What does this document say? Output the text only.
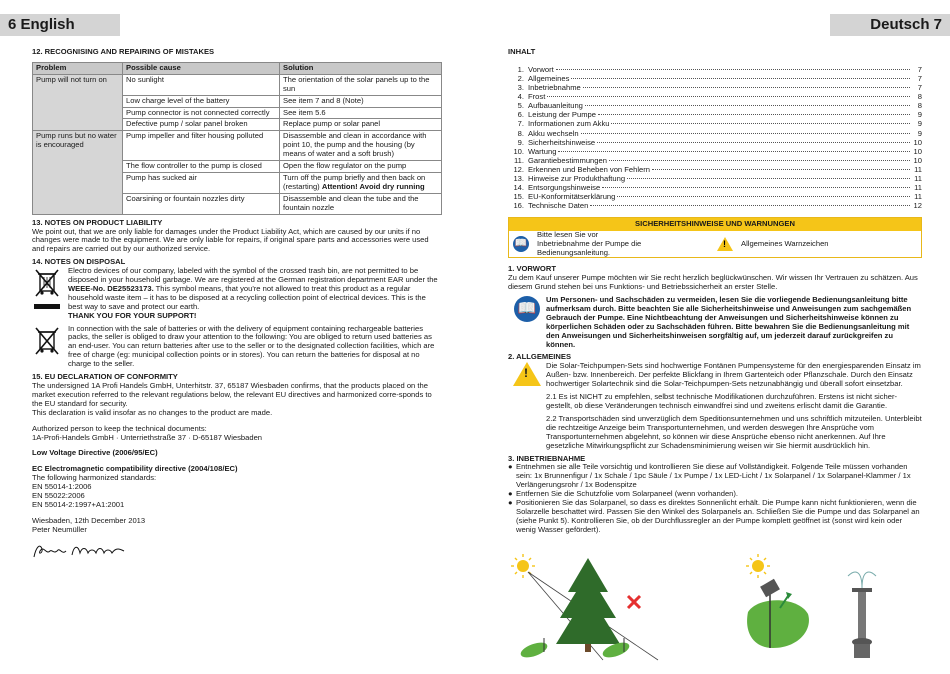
6 English
12. RECOGNISING AND REPAIRING OF MISTAKES
Problem	Possible cause	Solution
Pump will not turn on	No sunlight	The orientation of the solar panels up to the sun
	Low charge level of the battery	See item 7 and 8 (Note)
	Pump connector is not connected correctly	See item 5.6
	Defective pump / solar panel broken	Replace pump or solar panel
Pump runs but no water is encouraged	Pump impeller and filter housing polluted	Disassemble and clean in accordance with point 10, the pump and the housing (by means of water and a soft brush)
	The flow controller to the pump is closed	Open the flow regulator on the pump
	Pump has sucked air	Turn off the pump briefly and then back on (restarting) Attention! Avoid dry running
	Coarsining or fountain nozzles dirty	Disassemble and clean the tube and the fountain nozzle
13. NOTES ON PRODUCT LIABILITY

We point out, that we are only liable for damages under the Product Liability Act, which are caused by our units if no changes were made to the equipment. We are only liable for repairs, if original spare parts and accessories were used and repairs are carried out by our authorized service.

14. NOTES ON DISPOSAL

Electro devices of our company, labeled with the symbol of the crossed trash bin, are not permitted to be disposed in your household garbage. We are registered at the German registration department EAR under the WEEE-No. DE25523173. This symbol means, that you're not allowed to treat this product as a regular household waste item – it has to be disposed at a recycling collection point of electrical devices. This is the best way to save and protect our earth.

THANK YOU FOR YOUR SUPPORT!

In connection with the sale of batteries or with the delivery of equipment containing rechargeable batteries packs, the seller is obliged to draw your attention to the following: You are obliged to return used batteries as an end-user. You can return batteries after use to the seller or to the designated collection facilities, which are free of charge (eg: municipal collection points or in stores). You can return the batteries for disposal at no charge to the seller.

15. EU DECLARATION OF CONFORMITY

The undersigned 1A Profi Handels GmbH, Unterhitstr. 37, 65187 Wiesbaden confirms, that the products placed on the market execution referred to the relevant regulations below, the relevant EU directives and harmonized corre-sponds to the EU standard for security.

This declaration is valid insofar as no changes to the product are made.

Authorized person to keep the technical documents:

1A-Profi-Handels GmbH · Unterriethstraße 37 · D-65187 Wiesbaden

Low Voltage Directive (2006/95/EC)

EC Electromagnetic compatibility directive (2004/108/EC)

The following harmonized standards:

EN 55014-1:2006

EN 55022:2006

EN 55014-2:1997+A1:2001

Wiesbaden, 12th December 2013

Peter Neumüller

Deutsch 7
INHALT
1. Vorwort	7
2. Allgemeines	7
3. Inbetriebnahme	7
4. Frost	8
5. Aufbauanleitung	8
6. Leistung der Pumpe	9
7. Informationen zum Akku	9
8. Akku wechseln	9
9. Sicherheitshinweise	10
10. Wartung	10
11. Garantiebestimmungen	10
12. Erkennen und Beheben von Fehlern	11
13. Hinweise zur Produkthaftung	11
14. Entsorgungshinweise	11
15. EU-Konformitätserklärung	11
16. Technische Daten	12
SICHERHEITSHINWEISE UND WARNUNGEN
📖
Bitte lesen Sie vor Inbetriebnahme der Pumpe die Bedienungsanleitung.
! Allgemeines Warnzeichen
1. VORWORT

Zu dem Kauf unserer Pumpe möchten wir Sie recht herzlich beglückwünschen. Wir wissen Ihr Vertrauen zu schätzen. Aus diesem Grund stehen bei uns Funktions- und Betriebssicherheit an erster Stelle.

📖

Um Personen- und Sachschäden zu vermeiden, lesen Sie die vorliegende Bedienungsanleitung bitte aufmerksam durch. Bitte beachten Sie alle Sicherheitshinweise und Anweisungen zum sachgemäßen Gebrauch der Pumpe. Eine Nichtbeachtung der Anweisungen und Sicherheitshinweise können zu körperlichen Schäden oder zu Sachschäden führen. Bitte bewahren Sie die Bedienungsanleitung mit den Anweisungen und Sicherheitshinweisen sorgfältig auf, um jederzeit darauf zurückgreifen zu können.

2. ALLGEMEINES
!

Die Solar-Teichpumpen-Sets sind hochwertige Fontänen Pumpensysteme für den energiesparenden Einsatz im Außen- bzw. Innenbereich. Der perfekte Blickfang in Ihrem Gartenteich oder Pflanzschale. Durch den Einsatz hochwertiger Solartechnik sind die Solar-Teichpumpen-Sets netzunabhängig und überall sofort einsetzbar.

2.1 Es ist NICHT zu empfehlen, selbst technische Modifikationen durchzuführen. Erstens ist nicht sicher-gestellt, ob diese Veränderungen technisch einwandfrei sind und zweitens erlischt damit die Garantie.

2.2 Transportschäden sind unverzüglich dem Speditionsunternehmen und uns schriftlich mitzuteilen. Unterbleibt die rechtzeitige Anzeige beim Transportunternehmen, und werden deswegen Ihre Ansprüche vom Transportunternehmen abgelehnt, so können wir diese Ansprüche ebenso nicht anerkennen. Auf Ihre gesetzliche Mitwirkungspflicht zur Schadensminimierung weisen wir Sie hiermit ausdrücklich hin.

3. INBETRIEBNAHME
● Entnehmen sie alle Teile vorsichtig und kontrollieren Sie diese auf Vollständigkeit. Folgende Teile müssen vorhanden sein: 1x Brunnenfigur / 1x Schale / 1pc Säule / 1x Pumpe / 1x LED-Licht / 1x Solarpanel / 1x Solarpanel-Klammer / 1x Verlängerungsrohr / 1x Bodenspitze

● Entfernen Sie die Schutzfolie vom Solarpaneel (wenn vorhanden).

● Positionieren Sie das Solarpanel, so dass es direktes Sonnenlicht erhält. Die Pumpe kann nicht funktionieren, wenn die Solarzelle beschattet wird. Passen Sie den Winkel des Solarpanels an. Schließen Sie die Pumpe und das Solarpanel an (siehe Punkt 5). Kontrollieren Sie, ob der Durchflussregler an der Pumpe komplett geöffnet ist (sonst wird kein oder wenig Wasser gefördert).
